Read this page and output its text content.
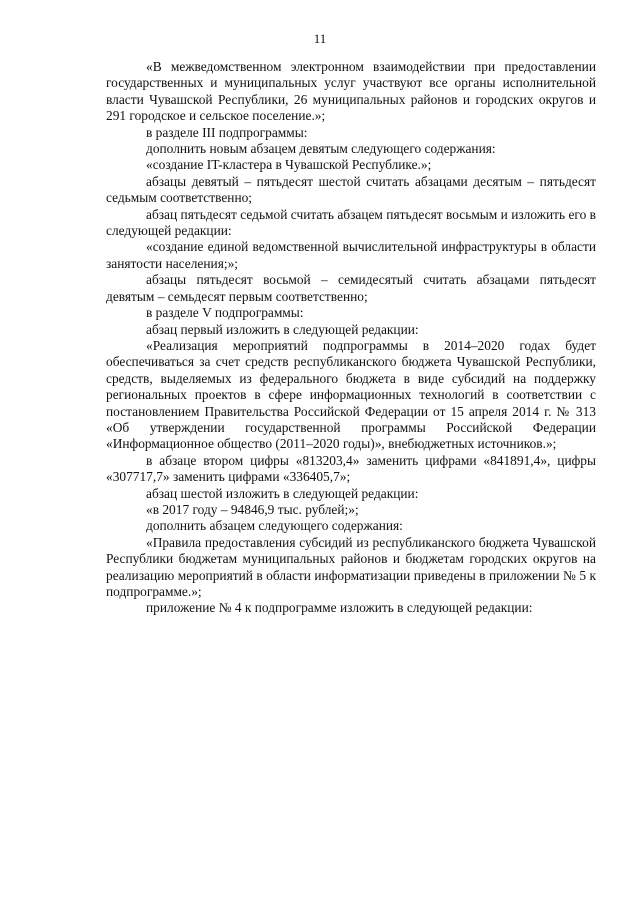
11

«В межведомственном электронном взаимодействии при предоставлении государственных и муниципальных услуг участвуют все органы исполнительной власти Чувашской Республики, 26 муниципальных районов и городских округов и 291 городское и сельское поселение.»;

в разделе III подпрограммы:

дополнить новым абзацем девятым следующего содержания:

«создание IT-кластера в Чувашской Республике.»;

абзацы девятый – пятьдесят шестой считать абзацами десятым – пятьдесят седьмым соответственно;

абзац пятьдесят седьмой считать абзацем пятьдесят восьмым и изложить его в следующей редакции:

«создание единой ведомственной вычислительной инфраструктуры в области занятости населения;»;

абзацы пятьдесят восьмой – семидесятый считать абзацами пятьдесят девятым – семьдесят первым соответственно;

в разделе V подпрограммы:

абзац первый изложить в следующей редакции:

«Реализация мероприятий подпрограммы в 2014–2020 годах будет обеспечиваться за счет средств республиканского бюджета Чувашской Республики, средств, выделяемых из федерального бюджета в виде субсидий на поддержку региональных проектов в сфере информационных технологий в соответствии с постановлением Правительства Российской Федерации от 15 апреля 2014 г. № 313 «Об утверждении государственной программы Российской Федерации «Информационное общество (2011–2020 годы)», внебюджетных источников.»;

в абзаце втором цифры «813203,4» заменить цифрами «841891,4», цифры «307717,7» заменить цифрами «336405,7»;

абзац шестой изложить в следующей редакции:

«в 2017 году – 94846,9 тыс. рублей;»;

дополнить абзацем следующего содержания:

«Правила предоставления субсидий из республиканского бюджета Чувашской Республики бюджетам муниципальных районов и бюджетам городских округов на реализацию мероприятий в области информатизации приведены в приложении № 5 к подпрограмме.»;

приложение № 4 к подпрограмме изложить в следующей редакции:
